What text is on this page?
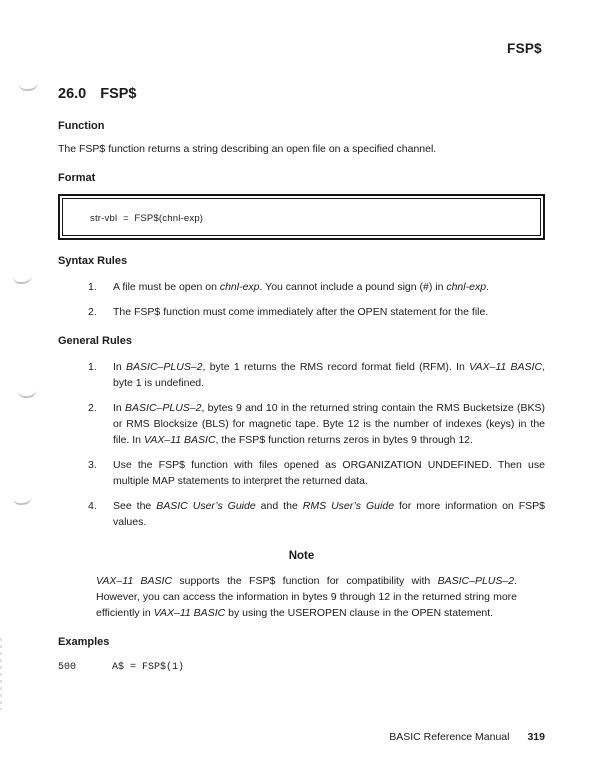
FSP$
26.0 FSP$
Function

The FSP$ function returns a string describing an open file on a specified channel.

Format
str-vbl  =  FSP$(chnl-exp)
Syntax Rules
1.	A file must be open on chnl-exp. You cannot include a pound sign (#) in chnl-exp.
2.	The FSP$ function must come immediately after the OPEN statement for the file.
General Rules
1.	In BASIC–PLUS–2, byte 1 returns the RMS record format field (RFM). In VAX–11 BASIC, byte 1 is undefined.
2.	In BASIC–PLUS–2, bytes 9 and 10 in the returned string contain the RMS Bucketsize (BKS) or RMS Blocksize (BLS) for magnetic tape. Byte 12 is the number of indexes (keys) in the file. In VAX–11 BASIC, the FSP$ function returns zeros in bytes 9 through 12.
3.	Use the FSP$ function with files opened as ORGANIZATION UNDEFINED. Then use multiple MAP statements to interpret the returned data.
4.	See the BASIC User’s Guide and the RMS User’s Guide for more information on FSP$ values.
Note

VAX–11 BASIC supports the FSP$ function for compatibility with BASIC–PLUS–2. However, you can access the information in bytes 9 through 12 in the returned string more efficiently in VAX–11 BASIC by using the USEROPEN clause in the OPEN statement.

Examples
500      A$ = FSP$(1)
BASIC Reference Manual 319
